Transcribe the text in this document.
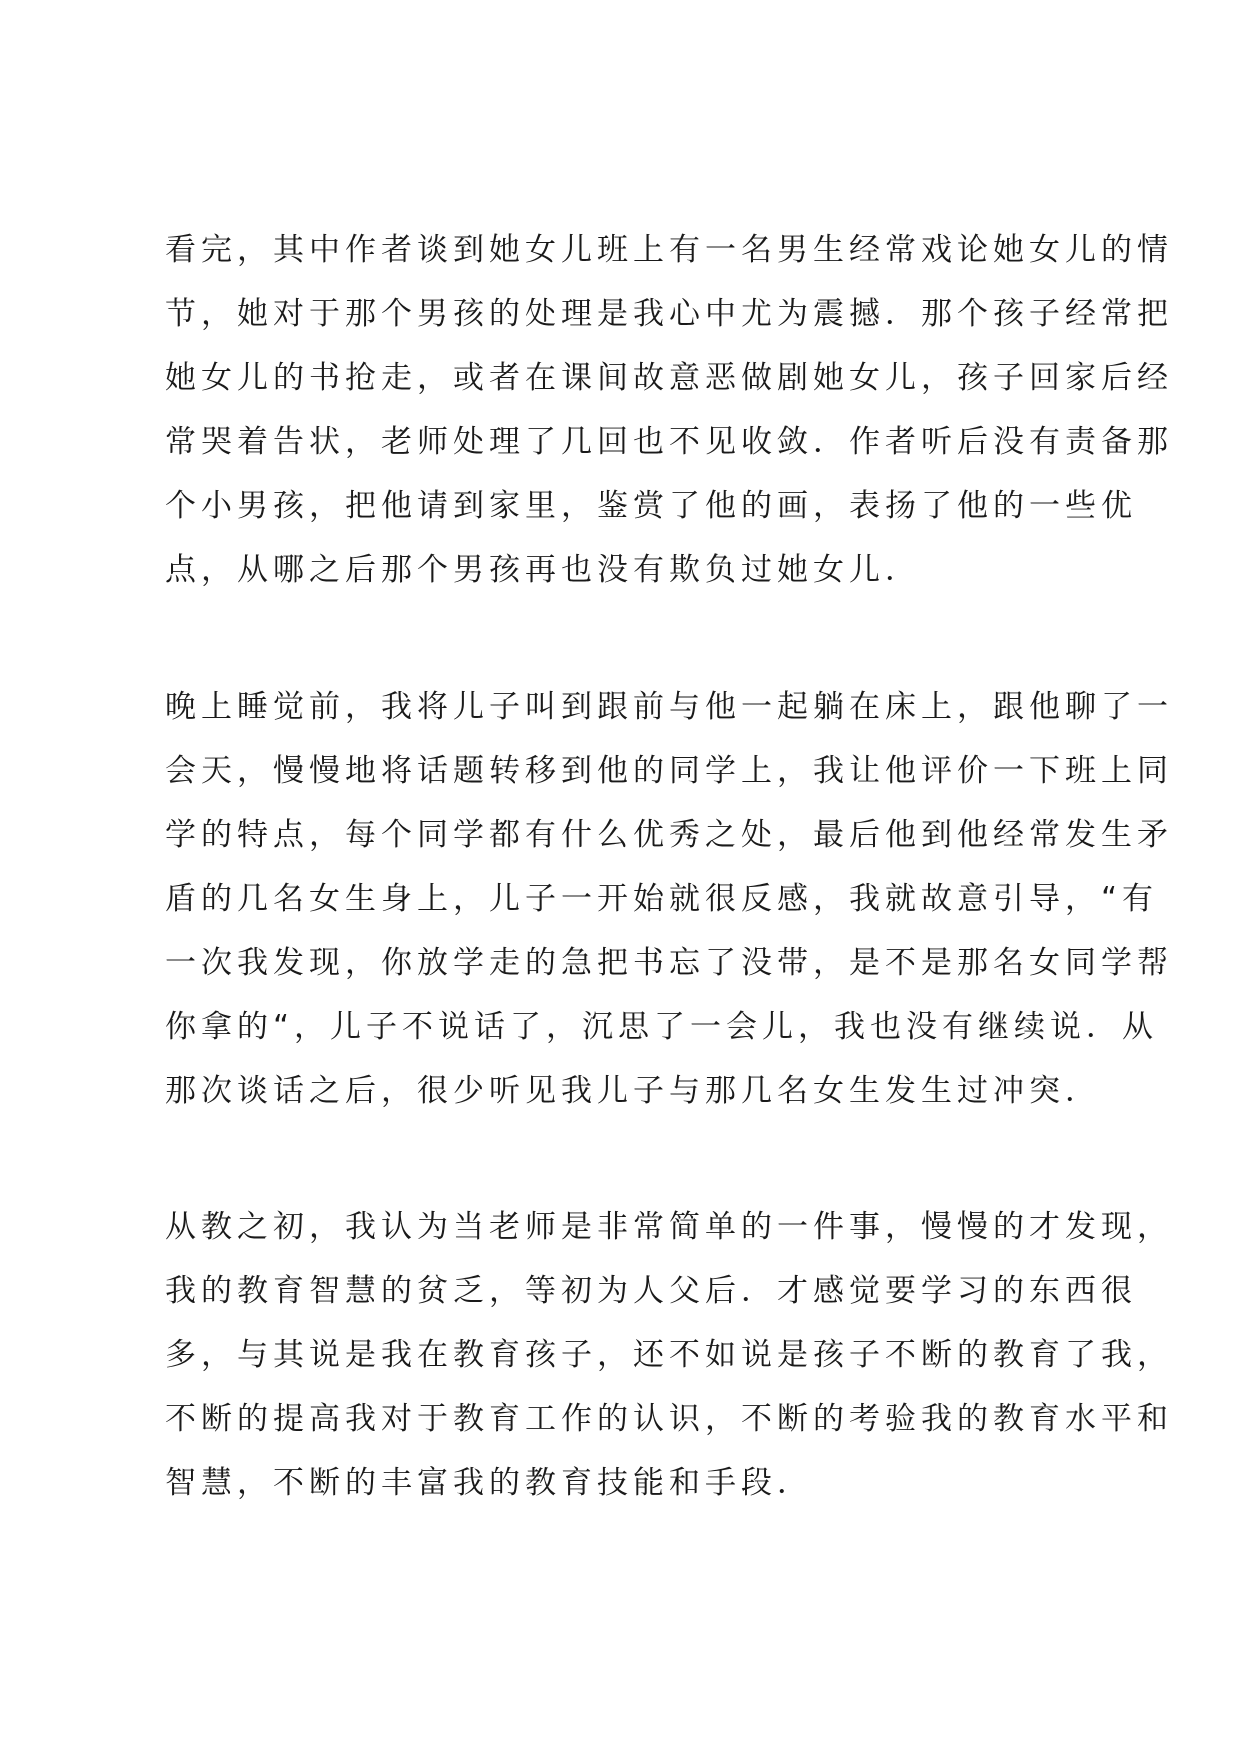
看完，其中作者谈到她女儿班上有一名男生经常戏论她女儿的情
节，她对于那个男孩的处理是我心中尤为震撼．那个孩子经常把
她女儿的书抢走，或者在课间故意恶做剧她女儿，孩子回家后经
常哭着告状，老师处理了几回也不见收敛．作者听后没有责备那
个小男孩，把他请到家里，鉴赏了他的画，表扬了他的一些优
点，从哪之后那个男孩再也没有欺负过她女儿．
晚上睡觉前，我将儿子叫到跟前与他一起躺在床上，跟他聊了一
会天，慢慢地将话题转移到他的同学上，我让他评价一下班上同
学的特点，每个同学都有什么优秀之处，最后他到他经常发生矛
盾的几名女生身上，儿子一开始就很反感，我就故意引导，“有
一次我发现，你放学走的急把书忘了没带，是不是那名女同学帮
你拿的“，儿子不说话了，沉思了一会儿，我也没有继续说．从
那次谈话之后，很少听见我儿子与那几名女生发生过冲突．
从教之初，我认为当老师是非常简单的一件事，慢慢的才发现，
我的教育智慧的贫乏，等初为人父后．才感觉要学习的东西很
多，与其说是我在教育孩子，还不如说是孩子不断的教育了我，
不断的提高我对于教育工作的认识，不断的考验我的教育水平和
智慧，不断的丰富我的教育技能和手段．
